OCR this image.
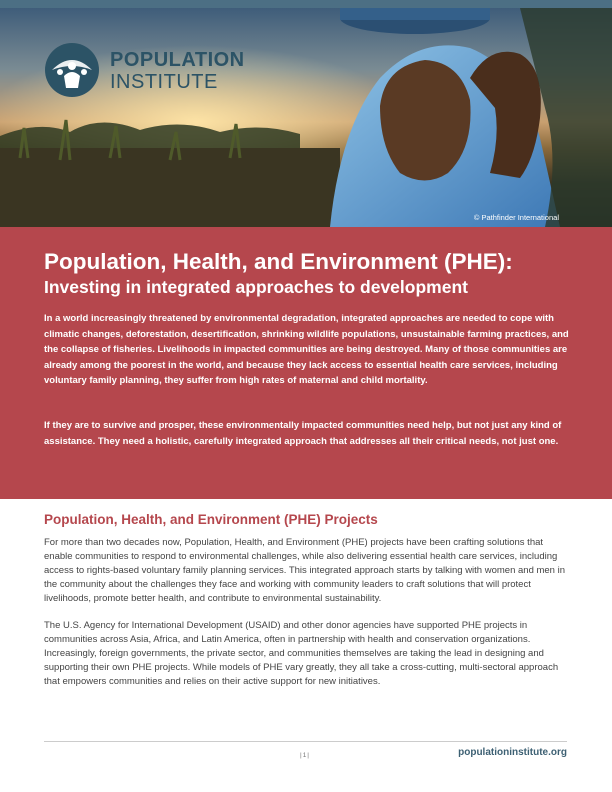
POPULATION
INSTITUTE
© Pathfinder International
Population, Health, and Environment (PHE):
Investing in integrated approaches to development

In a world increasingly threatened by environmental degradation, integrated approaches are needed to cope with climatic changes, deforestation, desertification, shrinking wildlife populations, unsustainable farming practices, and the collapse of fisheries. Livelihoods in impacted communities are being destroyed. Many of those communities are already among the poorest in the world, and because they lack access to essential health care services, including voluntary family planning, they suffer from high rates of maternal and child mortality.

If they are to survive and prosper, these environmentally impacted communities need help, but not just any kind of assistance. They need a holistic, carefully integrated approach that addresses all their critical needs, not just one.

Population, Health, and Environment (PHE) Projects

For more than two decades now, Population, Health, and Environment (PHE) projects have been crafting solutions that enable communities to respond to environmental challenges, while also delivering essential health care services, including access to rights-based voluntary family planning services. This integrated approach starts by talking with women and men in the community about the challenges they face and working with community leaders to craft solutions that will protect livelihoods, promote better health, and contribute to environmental sustainability.

The U.S. Agency for International Development (USAID) and other donor agencies have supported PHE projects in communities across Asia, Africa, and Latin America, often in partnership with health and conservation organizations. Increasingly, foreign governments, the private sector, and communities themselves are taking the lead in designing and supporting their own PHE projects. While models of PHE vary greatly, they all take a cross-cutting, multi-sectoral approach that empowers communities and relies on their active support for new initiatives.

|1|	populationinstitute.org
